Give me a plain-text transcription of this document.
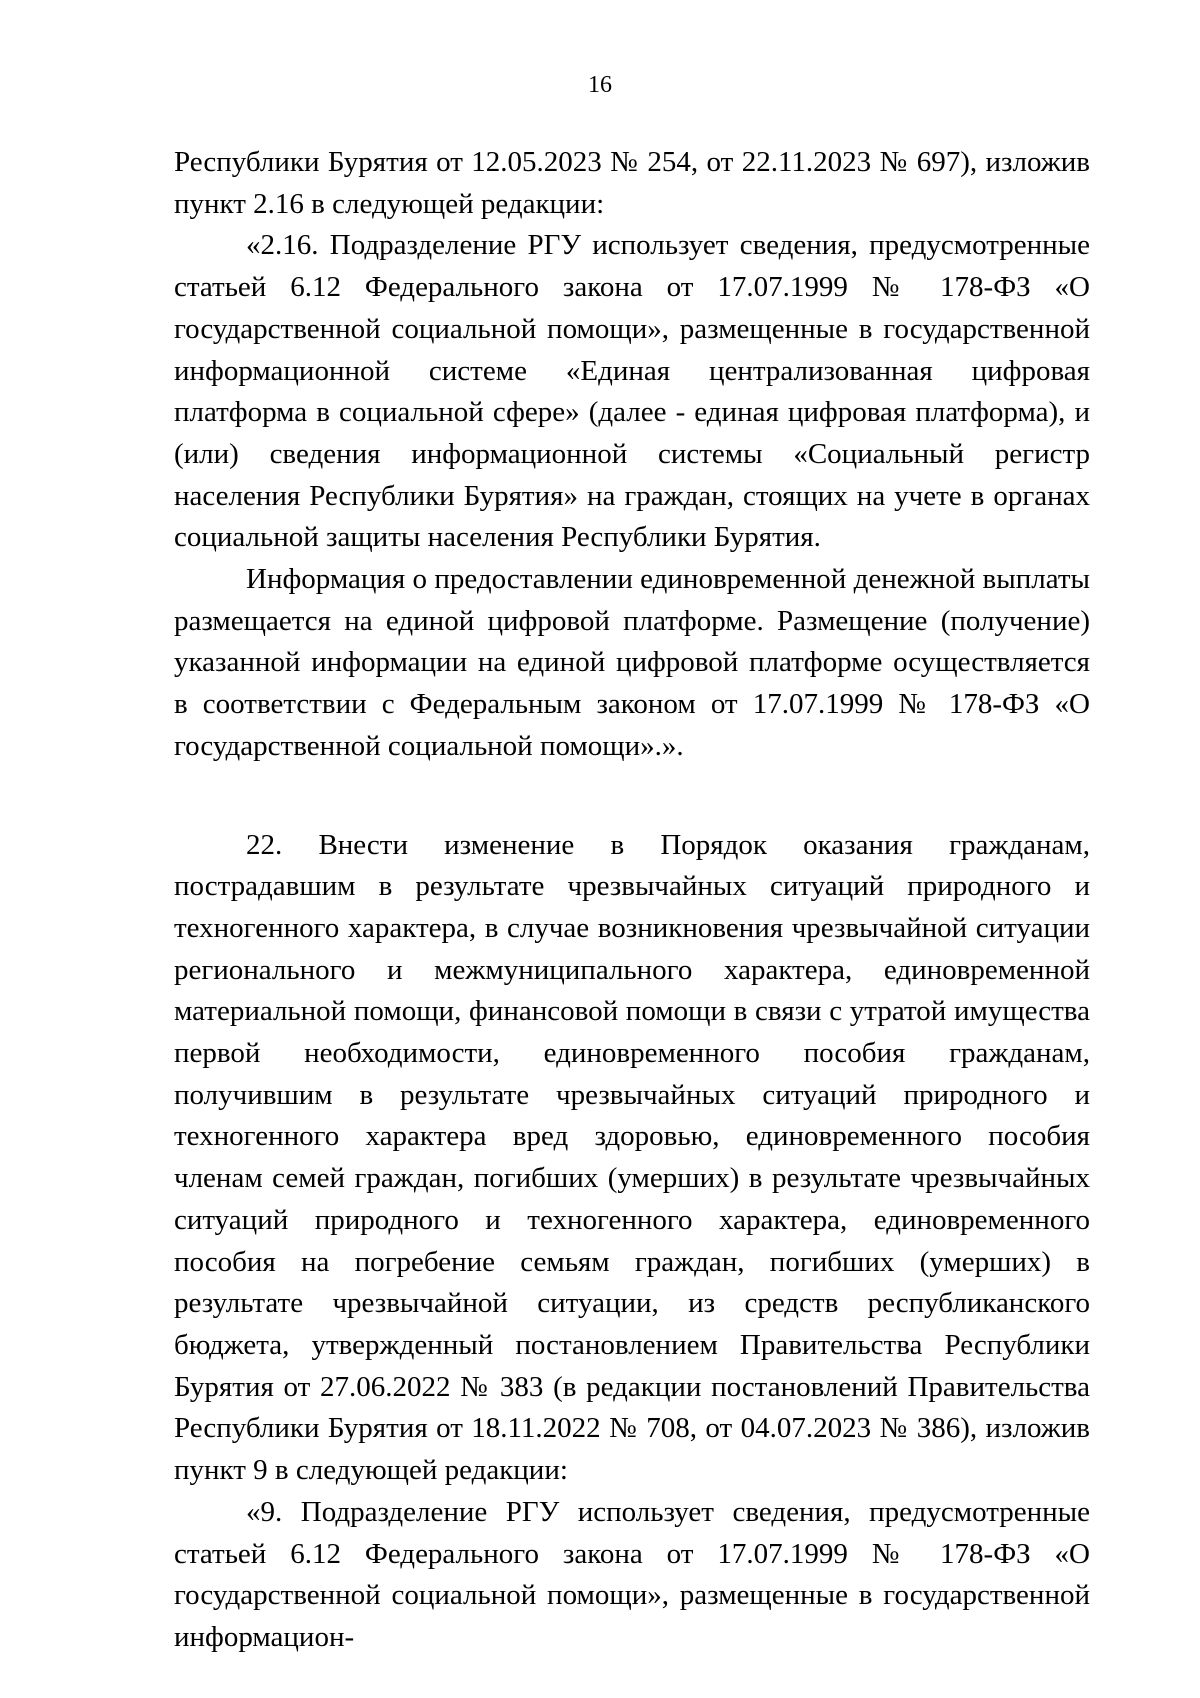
16

Республики Бурятия от 12.05.2023 № 254, от 22.11.2023 № 697), изложив пункт 2.16 в следующей редакции:

«2.16. Подразделение РГУ использует сведения, предусмотренные статьей 6.12 Федерального закона от 17.07.1999 № 178-ФЗ «О государственной социальной помощи», размещенные в государственной информационной системе «Единая централизованная цифровая платформа в социальной сфере» (далее - единая цифровая платформа), и (или) сведения информационной системы «Социальный регистр населения Республики Бурятия» на граждан, стоящих на учете в органах социальной защиты населения Республики Бурятия.

Информация о предоставлении единовременной денежной выплаты размещается на единой цифровой платформе. Размещение (получение) указанной информации на единой цифровой платформе осуществляется в соответствии с Федеральным законом от 17.07.1999 № 178-ФЗ «О государственной социальной помощи».».

22. Внести изменение в Порядок оказания гражданам, пострадавшим в результате чрезвычайных ситуаций природного и техногенного характера, в случае возникновения чрезвычайной ситуации регионального и межмуниципального характера, единовременной материальной помощи, финансовой помощи в связи с утратой имущества первой необходимости, единовременного пособия гражданам, получившим в результате чрезвычайных ситуаций природного и техногенного характера вред здоровью, единовременного пособия членам семей граждан, погибших (умерших) в результате чрезвычайных ситуаций природного и техногенного характера, единовременного пособия на погребение семьям граждан, погибших (умерших) в результате чрезвычайной ситуации, из средств республиканского бюджета, утвержденный постановлением Правительства Республики Бурятия от 27.06.2022 № 383 (в редакции постановлений Правительства Республики Бурятия от 18.11.2022 № 708, от 04.07.2023 № 386), изложив пункт 9 в следующей редакции:

«9. Подразделение РГУ использует сведения, предусмотренные статьей 6.12 Федерального закона от 17.07.1999 № 178-ФЗ «О государственной социальной помощи», размещенные в государственной информацион-
